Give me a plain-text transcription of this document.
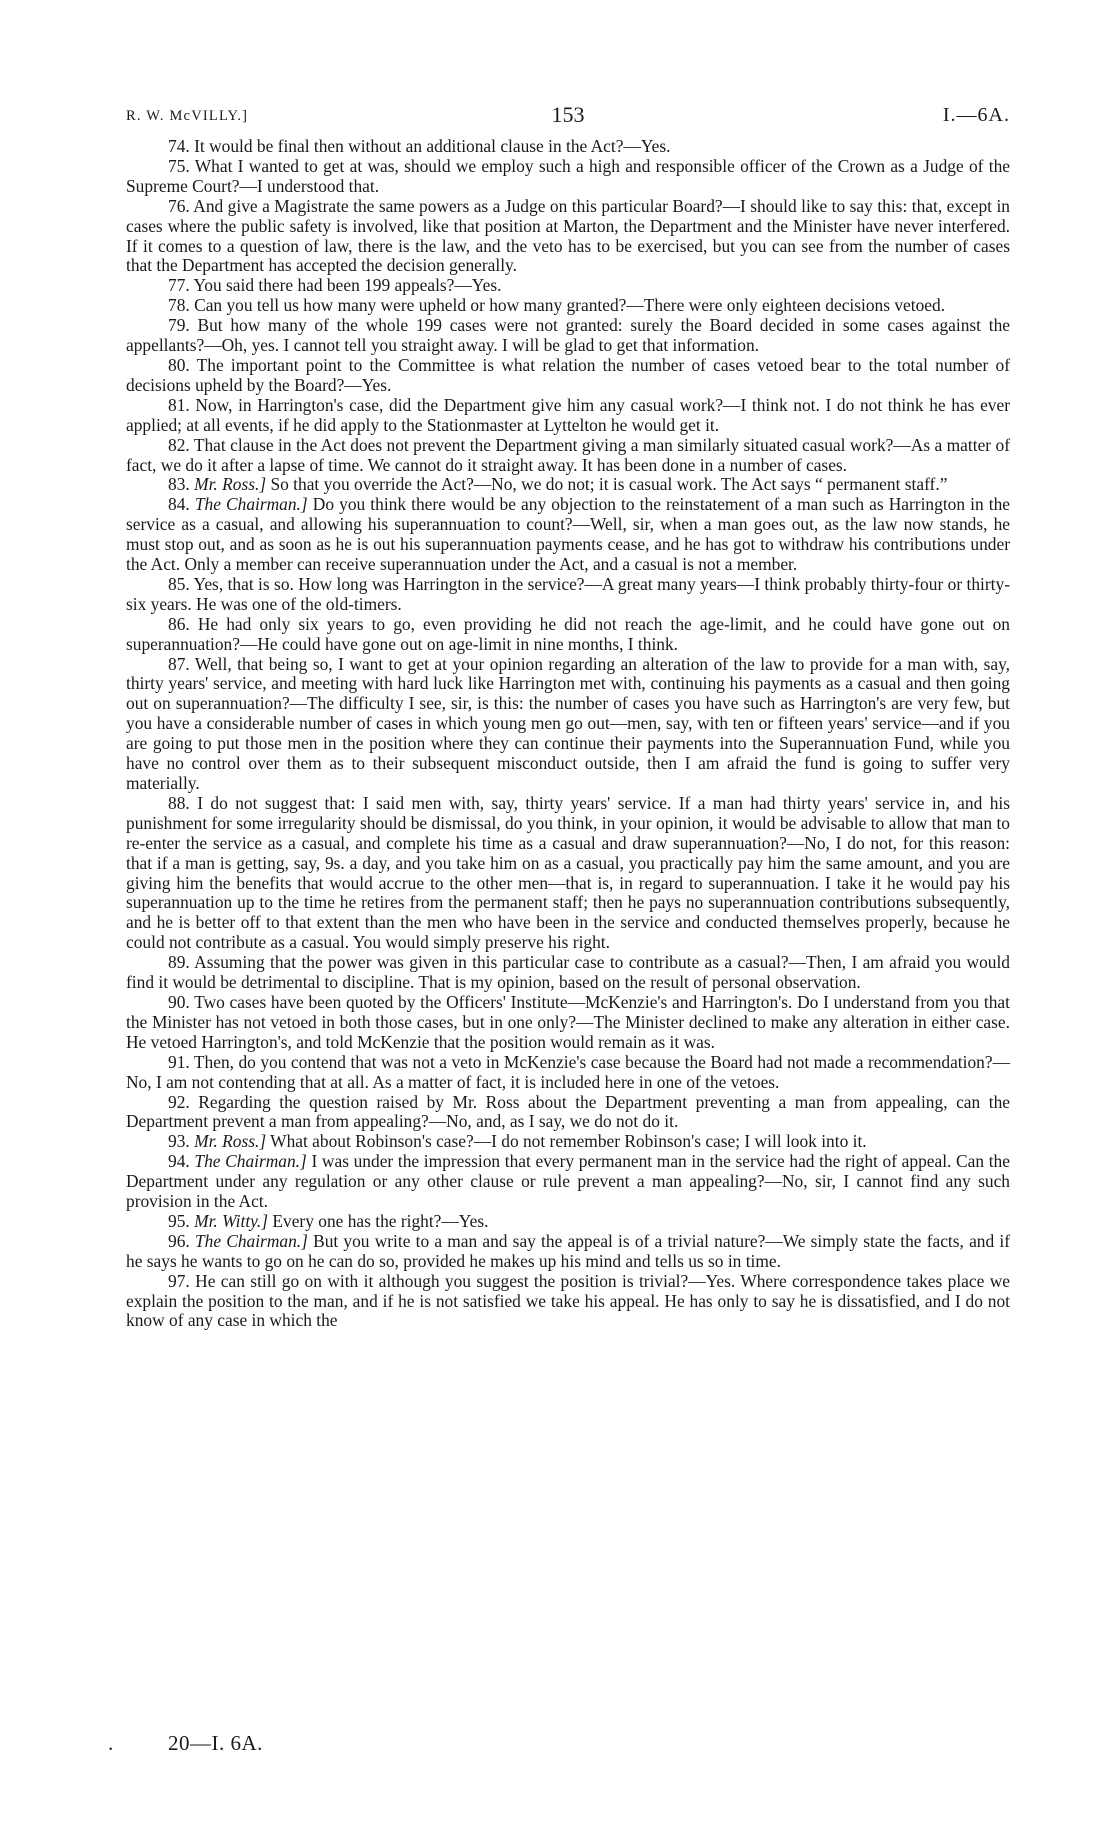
R. W. McVILLY.]	153	I.—6A.

74. It would be final then without an additional clause in the Act?—Yes.

75. What I wanted to get at was, should we employ such a high and responsible officer of the Crown as a Judge of the Supreme Court?—I understood that.

76. And give a Magistrate the same powers as a Judge on this particular Board?—I should like to say this: that, except in cases where the public safety is involved, like that position at Marton, the Department and the Minister have never interfered. If it comes to a question of law, there is the law, and the veto has to be exercised, but you can see from the number of cases that the Department has accepted the decision generally.

77. You said there had been 199 appeals?—Yes.

78. Can you tell us how many were upheld or how many granted?—There were only eighteen decisions vetoed.

79. But how many of the whole 199 cases were not granted: surely the Board decided in some cases against the appellants?—Oh, yes. I cannot tell you straight away. I will be glad to get that information.

80. The important point to the Committee is what relation the number of cases vetoed bear to the total number of decisions upheld by the Board?—Yes.

81. Now, in Harrington's case, did the Department give him any casual work?—I think not. I do not think he has ever applied; at all events, if he did apply to the Stationmaster at Lyttelton he would get it.

82. That clause in the Act does not prevent the Department giving a man similarly situated casual work?—As a matter of fact, we do it after a lapse of time. We cannot do it straight away. It has been done in a number of cases.

83. Mr. Ross.] So that you override the Act?—No, we do not; it is casual work. The Act says “ permanent staff.”

84. The Chairman.] Do you think there would be any objection to the reinstatement of a man such as Harrington in the service as a casual, and allowing his superannuation to count?—Well, sir, when a man goes out, as the law now stands, he must stop out, and as soon as he is out his superannuation payments cease, and he has got to withdraw his contributions under the Act. Only a member can receive superannuation under the Act, and a casual is not a member.

85. Yes, that is so. How long was Harrington in the service?—A great many years—I think probably thirty-four or thirty-six years. He was one of the old-timers.

86. He had only six years to go, even providing he did not reach the age-limit, and he could have gone out on superannuation?—He could have gone out on age-limit in nine months, I think.

87. Well, that being so, I want to get at your opinion regarding an alteration of the law to provide for a man with, say, thirty years' service, and meeting with hard luck like Harrington met with, continuing his payments as a casual and then going out on superannuation?—The difficulty I see, sir, is this: the number of cases you have such as Harrington's are very few, but you have a considerable number of cases in which young men go out—men, say, with ten or fifteen years' service—and if you are going to put those men in the position where they can continue their payments into the Superannuation Fund, while you have no control over them as to their subsequent misconduct outside, then I am afraid the fund is going to suffer very materially.

88. I do not suggest that: I said men with, say, thirty years' service. If a man had thirty years' service in, and his punishment for some irregularity should be dismissal, do you think, in your opinion, it would be advisable to allow that man to re-enter the service as a casual, and complete his time as a casual and draw superannuation?—No, I do not, for this reason: that if a man is getting, say, 9s. a day, and you take him on as a casual, you practically pay him the same amount, and you are giving him the benefits that would accrue to the other men—that is, in regard to superannuation. I take it he would pay his superannuation up to the time he retires from the permanent staff; then he pays no superannuation contributions subsequently, and he is better off to that extent than the men who have been in the service and conducted themselves properly, because he could not contribute as a casual. You would simply preserve his right.

89. Assuming that the power was given in this particular case to contribute as a casual?—Then, I am afraid you would find it would be detrimental to discipline. That is my opinion, based on the result of personal observation.

90. Two cases have been quoted by the Officers' Institute—McKenzie's and Harrington's. Do I understand from you that the Minister has not vetoed in both those cases, but in one only?—The Minister declined to make any alteration in either case. He vetoed Harrington's, and told McKenzie that the position would remain as it was.

91. Then, do you contend that was not a veto in McKenzie's case because the Board had not made a recommendation?—No, I am not contending that at all. As a matter of fact, it is included here in one of the vetoes.

92. Regarding the question raised by Mr. Ross about the Department preventing a man from appealing, can the Department prevent a man from appealing?—No, and, as I say, we do not do it.

93. Mr. Ross.] What about Robinson's case?—I do not remember Robinson's case; I will look into it.

94. The Chairman.] I was under the impression that every permanent man in the service had the right of appeal. Can the Department under any regulation or any other clause or rule prevent a man appealing?—No, sir, I cannot find any such provision in the Act.

95. Mr. Witty.] Every one has the right?—Yes.

96. The Chairman.] But you write to a man and say the appeal is of a trivial nature?—We simply state the facts, and if he says he wants to go on he can do so, provided he makes up his mind and tells us so in time.

97. He can still go on with it although you suggest the position is trivial?—Yes. Where correspondence takes place we explain the position to the man, and if he is not satisfied we take his appeal. He has only to say he is dissatisfied, and I do not know of any case in which the

.	20—I. 6A.
